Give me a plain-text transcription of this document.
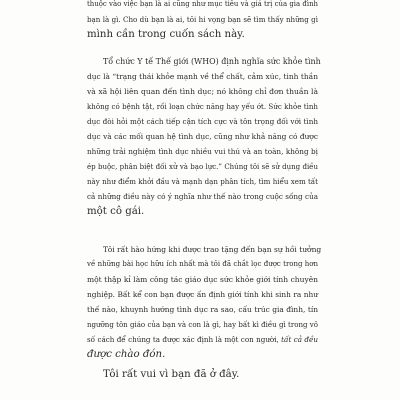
thuộc vào việc bạn là ai cũng như mục tiêu và giá trị của gia đình
bạn là gì. Cho dù bạn là ai, tôi hi vọng bạn sẽ tìm thấy những gì
mình cần trong cuốn sách này.
Tổ chức Y tế Thế giới (WHO) định nghĩa sức khỏe tình
dục là “trạng thái khỏe mạnh về thể chất, cảm xúc, tinh thần
và xã hội liên quan đến tình dục; nó không chỉ đơn thuần là
không có bệnh tật, rối loạn chức năng hay yếu ớt. Sức khỏe tình
dục đòi hỏi một cách tiếp cận tích cực và tôn trọng đối với tình
dục và các mối quan hệ tình dục, cũng như khả năng có được
những trải nghiệm tình dục nhiều vui thú và an toàn, không bị
ép buộc, phân biệt đối xử và bạo lực.” Chúng tôi sẽ sử dụng điều
này như điểm khởi đầu và mạnh dạn phân tích, tìm hiểu xem tất
cả những điều này có ý nghĩa như thế nào trong cuộc sống của
một cô gái.
Tôi rất hào hứng khi được trao tặng đến bạn sự hồi tưởng
về những bài học hữu ích nhất mà tôi đã chắt lọc được trong hơn
một thập kỉ làm công tác giáo dục sức khỏe giới tính chuyên
nghiệp. Bất kể con bạn được ấn định giới tính khi sinh ra như
thế nào, khuynh hướng tình dục ra sao, cấu trúc gia đình, tín
ngưỡng tôn giáo của bạn và con là gì, hay bất kì điều gì trong vô
số cách để chúng ta được xác định là một con người, tất cả đều
được chào đón.
Tôi rất vui vì bạn đã ở đây.
